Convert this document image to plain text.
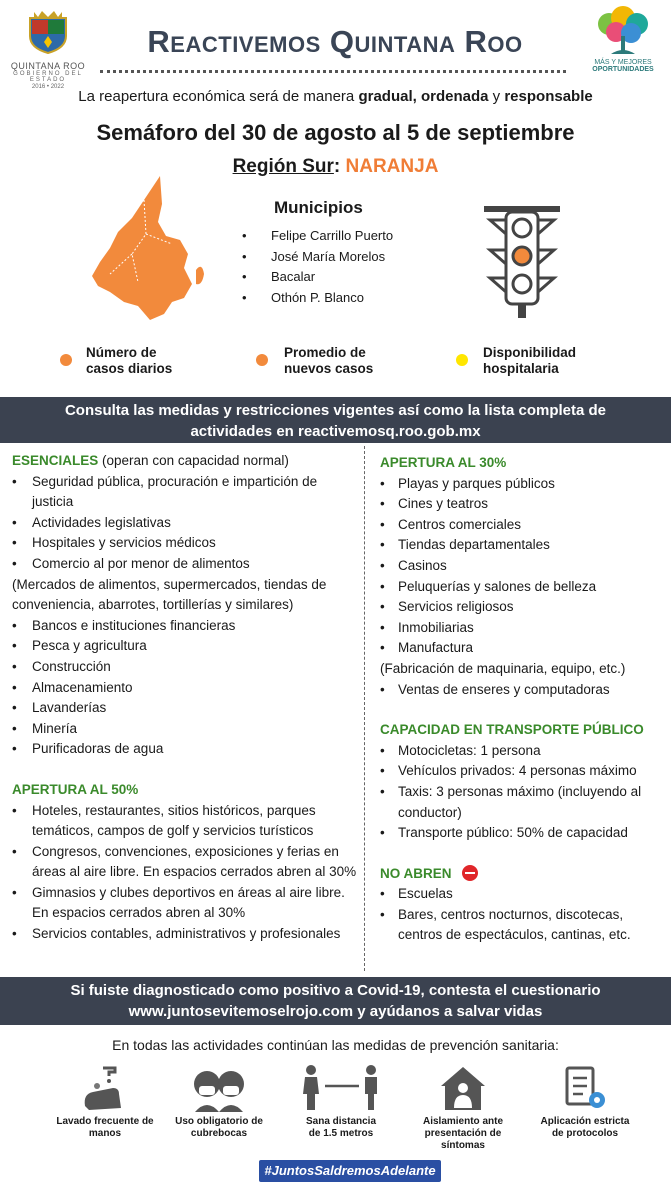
QUINTANA ROO
GOBIERNO DEL ESTADO
2016 • 2022
Reactivemos Quintana Roo
MÁS Y MEJORES
OPORTUNIDADES
La reapertura económica será de manera gradual, ordenada y responsable
Semáforo del 30 de agosto al 5 de septiembre
Región Sur: NARANJA
Municipios
• Felipe Carrillo Puerto
• José María Morelos
• Bacalar
• Othón P. Blanco
Número de
casos diarios
Promedio de
nuevos casos
Disponibilidad
hospitalaria
Consulta las medidas y restricciones vigentes así como la lista completa de
actividades en reactivemosq.roo.gob.mx
ESENCIALES (operan con capacidad normal)
• Seguridad pública, procuración e impartición de justicia
• Actividades legislativas
• Hospitales y servicios médicos
• Comercio al por menor de alimentos
(Mercados de alimentos, supermercados, tiendas de conveniencia, abarrotes, tortillerías y similares)
• Bancos e instituciones financieras
• Pesca y agricultura
• Construcción
• Almacenamiento
• Lavanderías
• Minería
• Purificadoras de agua
APERTURA AL 50%
• Hoteles, restaurantes, sitios históricos, parques temáticos, campos de golf y servicios turísticos
• Congresos, convenciones, exposiciones y ferias en áreas al aire libre. En espacios cerrados abren al 30%
• Gimnasios y clubes deportivos en áreas al aire libre. En espacios cerrados abren al 30%
• Servicios contables, administrativos y profesionales
APERTURA AL 30%
• Playas y parques públicos
• Cines y teatros
• Centros comerciales
• Tiendas departamentales
• Casinos
• Peluquerías y salones de belleza
• Servicios religiosos
• Inmobiliarias
• Manufactura
(Fabricación de maquinaria, equipo, etc.)
• Ventas de enseres y computadoras
CAPACIDAD EN TRANSPORTE PÚBLICO
• Motocicletas: 1 persona
• Vehículos privados: 4 personas máximo
• Taxis: 3 personas máximo (incluyendo al conductor)
• Transporte público: 50% de capacidad
NO ABREN
• Escuelas
• Bares, centros nocturnos, discotecas, centros de espectáculos, cantinas, etc.
Si fuiste diagnosticado como positivo a Covid-19, contesta el cuestionario
www.juntosevitemoselrojo.com y ayúdanos a salvar vidas
En todas las actividades continúan las medidas de prevención sanitaria:
Lavado frecuente de
manos
Uso obligatorio de
cubrebocas
Sana distancia
de 1.5 metros
Aislamiento ante
presentación de
síntomas
Aplicación estricta
de protocolos
#JuntosSaldremosAdelante
